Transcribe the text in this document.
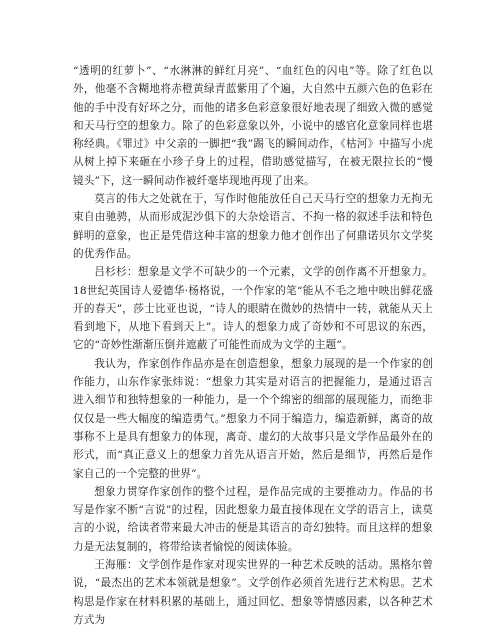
“透明的红萝卜”、“水淋淋的鲜红月亮”、“血红色的闪电”等。除了红色以外，他毫不含糊地将赤橙黄绿青蓝紫用了个遍，大自然中五颜六色的色彩在他的手中没有好坏之分，而他的诸多色彩意象很好地表现了细致入微的感觉和天马行空的想象力。除了的色彩意象以外，小说中的感官化意象同样也堪称经典。《罪过》中父亲的一脚把“我”踢飞的瞬间动作，《枯河》中描写小虎从树上掉下来砸在小珍子身上的过程，借助感觉描写，在被无限拉长的“慢镜头”下，这一瞬间动作被纤毫毕现地再现了出来。

莫言的伟大之处就在于，写作时他能放任自己天马行空的想象力无拘无束自由驰骋，从而形成泥沙俱下的大杂烩语言、不拘一格的叙述手法和特色鲜明的意象，也正是凭借这种丰富的想象力他才创作出了何鼎诺贝尔文学奖的优秀作品。

吕杉杉：想象是文学不可缺少的一个元素，文学的创作离不开想象力。18世纪英国诗人爱德华·杨格说，一个作家的笔“能从不毛之地中映出鲜花盛开的春天”，莎士比亚也说，“诗人的眼睛在微妙的热情中一转，就能从天上看到地下，从地下看到天上”。诗人的想象力成了奇妙和不可思议的东西，它的“奇妙性渐渐压倒并遮蔽了可能性而成为文学的主题”。

我认为，作家创作作品亦是在创造想象，想象力展现的是一个作家的创作能力，山东作家张炜说：“想象力其实是对语言的把握能力，是通过语言进入细节和独特想象的一种能力，是一个个绵密的细部的展现能力，而绝非仅仅是一些大幅度的编造勇气。”想象力不同于编造力，编造新鲜，离奇的故事称不上是具有想象力的体现，离奇、虚幻的大故事只是文学作品最外在的形式，而“真正意义上的想象力首先从语言开始，然后是细节，再然后是作家自己的一个完整的世界”。

想象力贯穿作家创作的整个过程，是作品完成的主要推动力。作品的书写是作家不断“言说”的过程，因此想象力最直接体现在文学的语言上，读莫言的小说，给读者带来最大冲击的便是其语言的奇幻独特。而且这样的想象力是无法复制的，将带给读者愉悦的阅读体验。

王海雁：文学创作是作家对现实世界的一种艺术反映的活动。黑格尔曾说，“最杰出的艺术本领就是想象”。文学创作必须首先进行艺术构思。艺术构思是作家在材料积累的基础上，通过回忆、想象等情感因素，以各种艺术方式为
